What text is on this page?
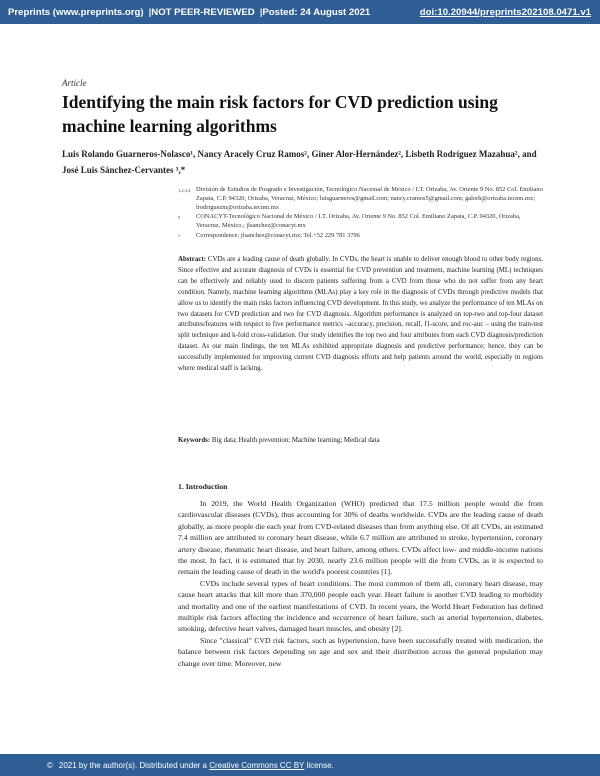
Preprints (www.preprints.org) |NOT PEER-REVIEWED |Posted: 24 August 2021	doi:10.20944/preprints202108.0471.v1
Article
Identifying the main risk factors for CVD prediction using machine learning algorithms
Luis Rolando Guarneros-Nolasco¹, Nancy Aracely Cruz Ramos², Giner Alor-Hernández², Lisbeth Rodríguez Mazahua², and José Luis Sánchez-Cervantes ³,*
1,2,3,4 División de Estudios de Posgrado e Investigación, Tecnológico Nacional de México / I.T. Orizaba, Av. Oriente 9 No. 852 Col. Emiliano Zapata, C.P. 94320, Orizaba, Veracruz, México; luisguarneros@gmail.com; nancy.cramos5@gmail.com; galorh@orizaba.tecnm.mx; lrodriguezm@orizaba.tecnm.mx
5	CONACYT-Tecnológico Nacional de México / I.T. Orizaba, Av. Oriente 9 No. 852 Col. Emiliano Zapata, C.P. 94320, Orizaba, Veracruz, México.; jlsanchez@conacyt.mx
*	Correspondence: jlsanchez@conacyt.mx; Tel.+52 229 781 3796
Abstract: CVDs are a leading cause of death globally. In CVDs, the heart is unable to deliver enough blood to other body regions. Since effective and accurate diagnosis of CVDs is essential for CVD prevention and treatment, machine learning (ML) techniques can be effectively and reliably used to discern patients suffering from a CVD from those who do not suffer from any heart condition. Namely, machine learning algorithms (MLAs) play a key role in the diagnosis of CVDs through predictive models that allow us to identify the main risks factors influencing CVD development. In this study, we analyze the performance of ten MLAs on two datasets for CVD prediction and two for CVD diagnosis. Algorithm performance is analyzed on top-two and top-four dataset attributes/features with respect to five performance metrics –accuracy, precision, recall, f1-score, and roc-auc – using the train-test split technique and k-fold cross-validation. Our study identifies the top two and four attributes from each CVD diagnosis/prediction dataset. As our main findings, the ten MLAs exhibited appropriate diagnosis and predictive performance; hence, they can be successfully implemented for improving current CVD diagnosis efforts and help patients around the world, especially in regions where medical staff is lacking.
Keywords: Big data; Health prevention; Machine learning; Medical data
1. Introduction

In 2019, the World Health Organization (WHO) predicted that 17.5 million people would die from cardiovascular diseases (CVDs), thus accounting for 30% of deaths worldwide. CVDs are the leading cause of death globally, as more people die each year from CVD-related diseases than from anything else. Of all CVDs, an estimated 7.4 million are attributed to coronary heart disease, while 6.7 million are attributed to stroke, hypertension, coronary artery disease, rheumatic heart disease, and heart failure, among others. CVDs affect low- and middle-income nations the most. In fact, it is estimated that by 2030, nearly 23.6 million people will die from CVDs, as it is expected to remain the leading cause of death in the world's poorest countries [1].

CVDs include several types of heart conditions. The most common of them all, coronary heart disease, may cause heart attacks that kill more than 370,000 people each year. Heart failure is another CVD leading to morbidity and mortality and one of the earliest manifestations of CVD. In recent years, the World Heart Federation has defined multiple risk factors affecting the incidence and occurrence of heart failure, such as arterial hypertension, diabetes, smoking, defective heart valves, damaged heart muscles, and obesity [2].

Since "classical" CVD risk factors, such as hypertension, have been successfully treated with medication, the balance between risk factors depending on age and sex and their distribution across the general population may change over time. Moreover, new

© 2021 by the author(s). Distributed under a
Creative Commons CC BY
license.
